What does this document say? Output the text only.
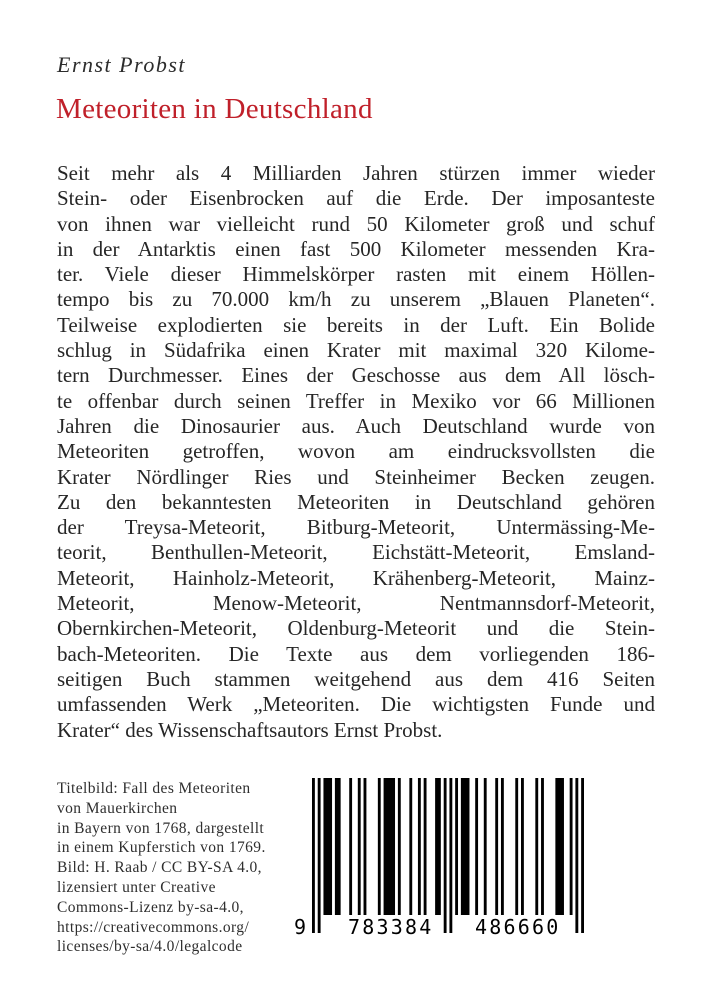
Ernst Probst
Meteoriten in Deutschland
Seit mehr als 4 Milliarden Jahren stürzen immer wieder
Stein- oder Eisenbrocken auf die Erde. Der imposanteste
von ihnen war vielleicht rund 50 Kilometer groß und schuf
in der Antarktis einen fast 500 Kilometer messenden Kra-
ter. Viele dieser Himmelskörper rasten mit einem Höllen-
tempo bis zu 70.000 km/h zu unserem „Blauen Planeten“.
Teilweise explodierten sie bereits in der Luft. Ein Bolide
schlug in Südafrika einen Krater mit maximal 320 Kilome-
tern Durchmesser. Eines der Geschosse aus dem All lösch-
te offenbar durch seinen Treffer in Mexiko vor 66 Millionen
Jahren die Dinosaurier aus. Auch Deutschland wurde von
Meteoriten getroffen, wovon am eindrucksvollsten die
Krater Nördlinger Ries und Steinheimer Becken zeugen.
Zu den bekanntesten Meteoriten in Deutschland gehören
der Treysa-Meteorit, Bitburg-Meteorit, Untermässing-Me-
teorit, Benthullen-Meteorit, Eichstätt-Meteorit, Emsland-
Meteorit, Hainholz-Meteorit, Krähenberg-Meteorit, Mainz-
Meteorit, Menow-Meteorit, Nentmannsdorf-Meteorit,
Obernkirchen-Meteorit, Oldenburg-Meteorit und die Stein-
bach-Meteoriten. Die Texte aus dem vorliegenden 186-
seitigen Buch stammen weitgehend aus dem 416 Seiten
umfassenden Werk „Meteoriten. Die wichtigsten Funde und
Krater“ des Wissenschaftsautors Ernst Probst.
Titelbild: Fall des Meteoriten
von Mauerkirchen
in Bayern von 1768, dargestellt
in einem Kupferstich von 1769.
Bild: H. Raab / CC BY-SA 4.0,
lizensiert unter Creative
Commons-Lizenz by-sa-4.0,
https://creativecommons.org/
licenses/by-sa/4.0/legalcode
9 783384 486660
